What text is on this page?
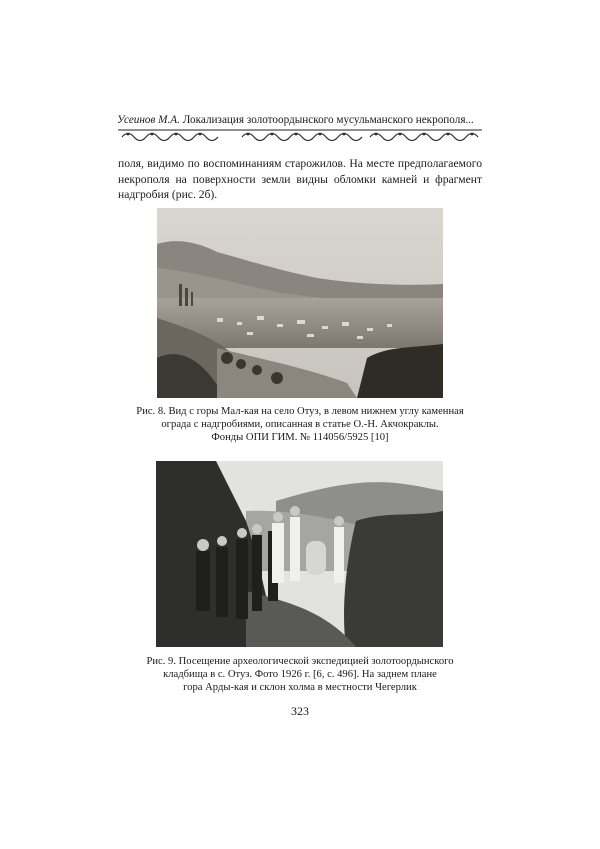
Усеинов М.А. Локализация золотоордынского мусульманского некрополя...

поля, видимо по воспоминаниям старожилов. На месте предполагаемого некрополя на поверхности земли видны обломки камней и фрагмент надгробия (рис. 2б).

Рис. 8. Вид с горы Мал-кая на село Отуз, в левом нижнем углу каменная
ограда с надгробиями, описанная в статье О.-Н. Акчокраклы.
Фонды ОПИ ГИМ. № 114056/5925 [10]
Рис. 9. Посещение археологической экспедицией золотоордынского
кладбища в с. Отуз. Фото 1926 г. [6, с. 496]. На заднем плане
гора Арды-кая и склон холма в местности Чегерлик
323
